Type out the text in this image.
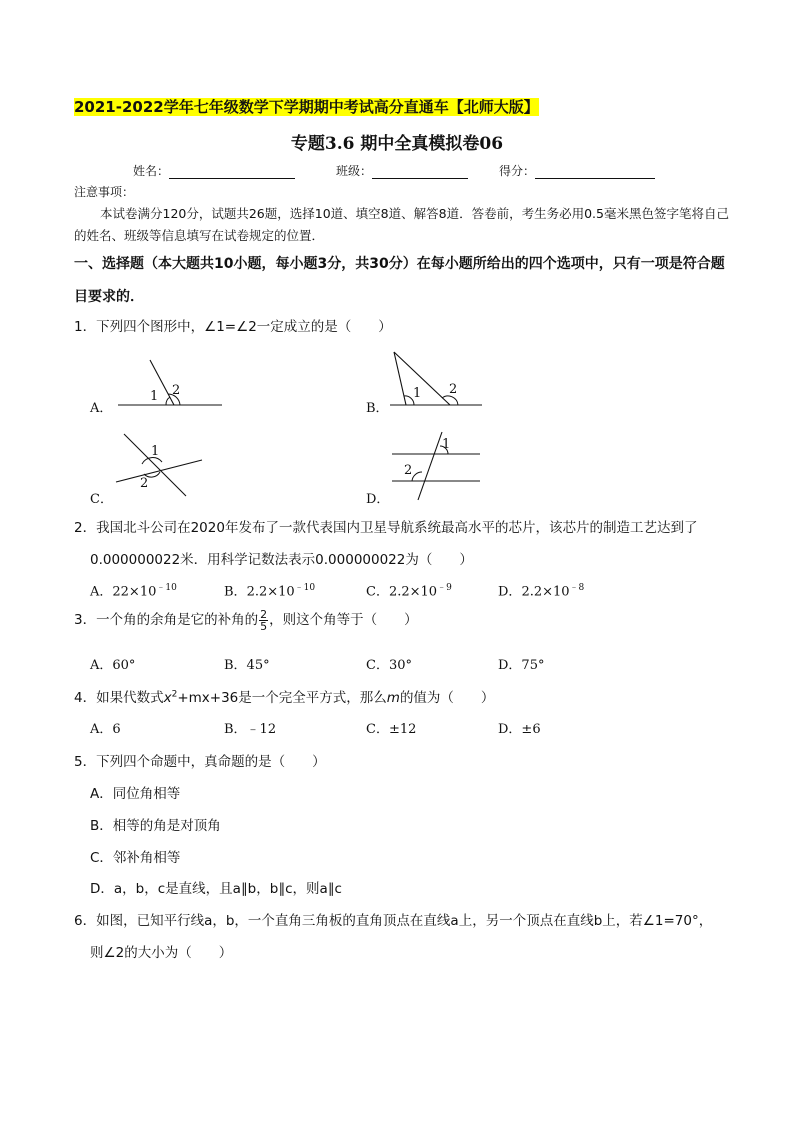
2021-2022学年七年级数学下学期期中考试高分直通车【北师大版】
专题3.6 期中全真模拟卷06
姓名：	班级：	得分：
注意事项：
本试卷满分120分，试题共26题，选择10道、填空8道、解答8道．答卷前，考生务必用0.5毫米黑色签字笔将自己的姓名、班级等信息填写在试卷规定的位置．
一、选择题（本大题共10小题，每小题3分，共30分）在每小题所给出的四个选项中，只有一项是符合题目要求的．
1．下列四个图形中，∠1=∠2一定成立的是（　　）
A．
1 2
B．
1 2
C．
1
2
D．
1
2
2．我国北斗公司在2020年发布了一款代表国内卫星导航系统最高水平的芯片，该芯片的制造工艺达到了
0.000000022米．用科学记数法表示0.000000022为（　　）
A．$22\times 10^{﹣10}$	B．$2.2\times 10^{﹣10}$	C．$2.2\times 10^{﹣9}$	D．$2.2\times 10^{﹣8}$
3．一个角的余角是它的补角的 $\frac{2}{5}$ ，则这个角等于（　　）
A．60°	B．45°	C．30°	D．75°
4．如果代数式$x^2+mx+36$是一个完全平方式，那么m的值为（　　）
A．6	B．﹣12	C．±12	D．±6
5．下列四个命题中，真命题的是（　　）
A．同位角相等
B．相等的角是对顶角
C．邻补角相等
D．a，b，c是直线，且a∥b，b∥c，则a∥c
6．如图，已知平行线a，b，一个直角三角板的直角顶点在直线a上，另一个顶点在直线b上，若∠1=70°，
则∠2的大小为（　　）
